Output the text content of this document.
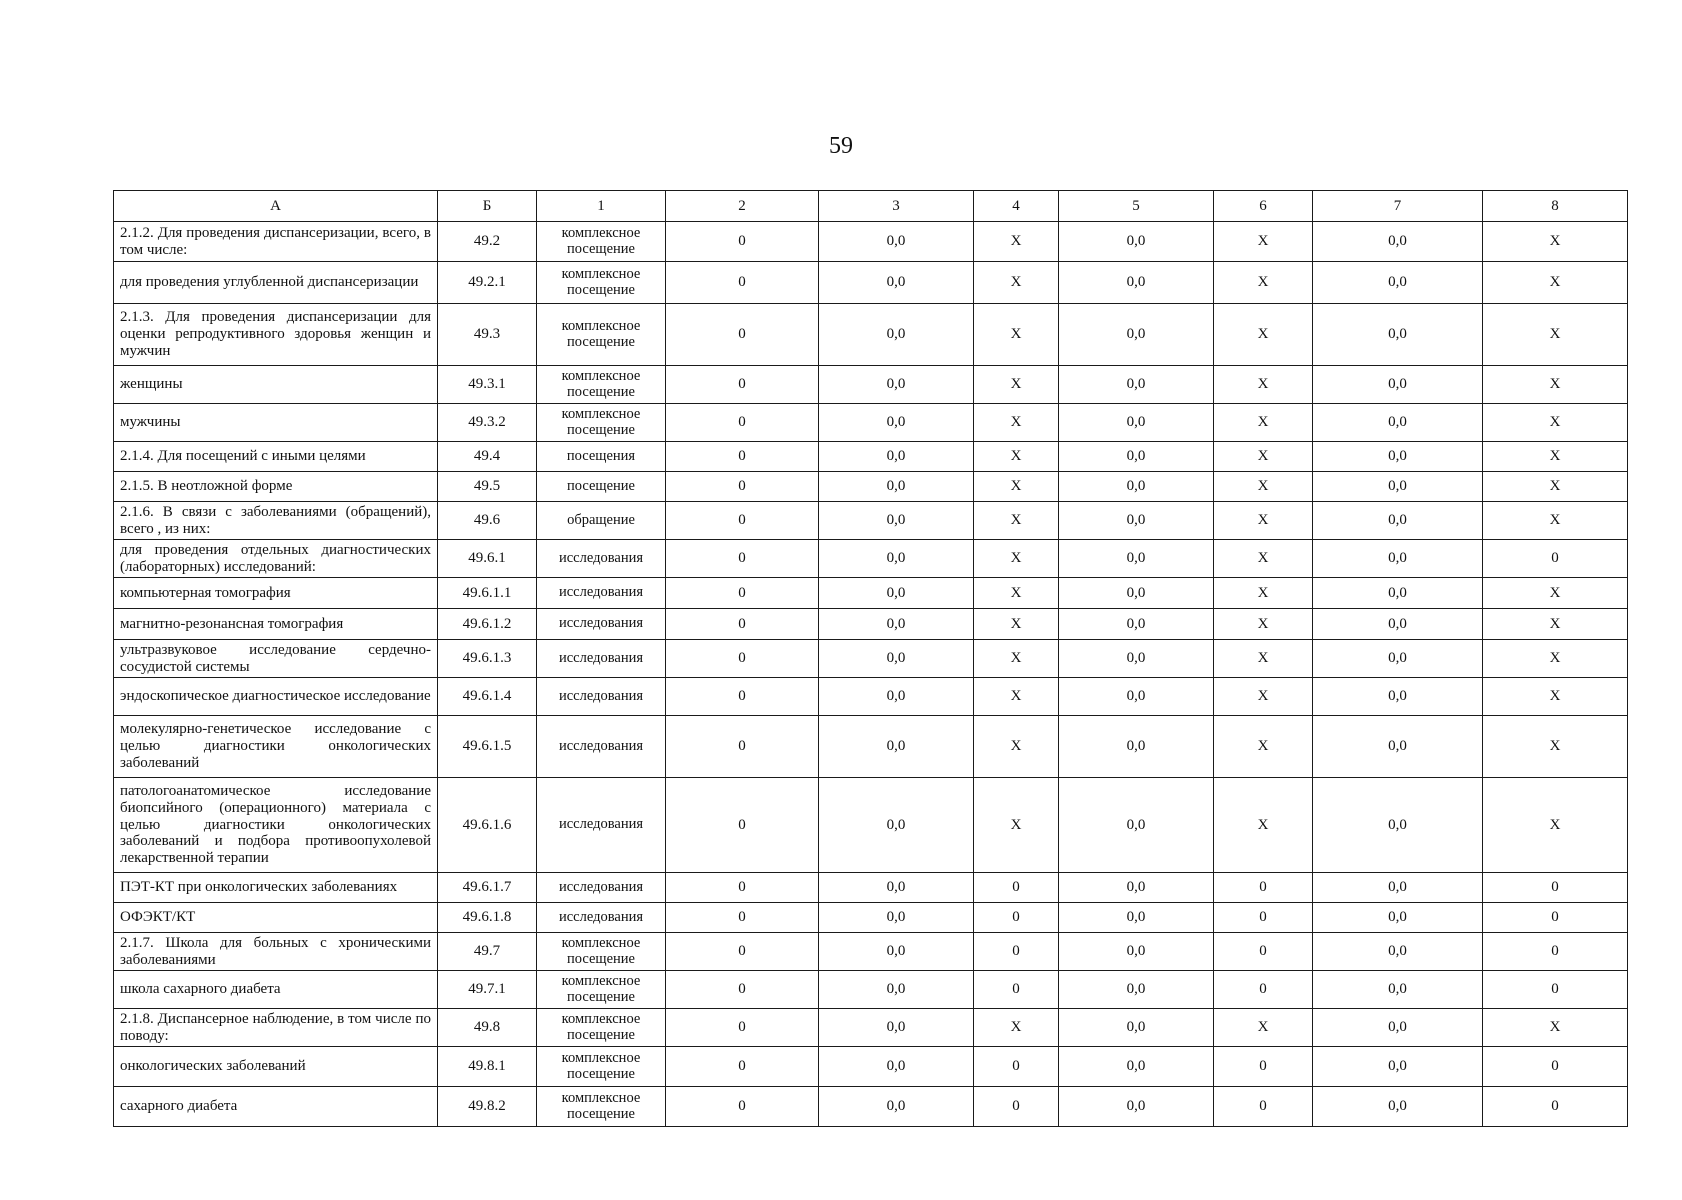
59
А	Б	1	2	3	4	5	6	7	8
2.1.2. Для проведения диспансеризации, всего, в том числе:	49.2	комплексное посещение	0	0,0	X	0,0	X	0,0	X
для проведения углубленной диспансеризации	49.2.1	комплексное посещение	0	0,0	X	0,0	X	0,0	X
2.1.3. Для проведения диспансеризации для оценки репродуктивного здоровья женщин и мужчин	49.3	комплексное посещение	0	0,0	X	0,0	X	0,0	X
женщины	49.3.1	комплексное посещение	0	0,0	X	0,0	X	0,0	X
мужчины	49.3.2	комплексное посещение	0	0,0	X	0,0	X	0,0	X
2.1.4. Для посещений с иными целями	49.4	посещения	0	0,0	X	0,0	X	0,0	X
2.1.5. В неотложной форме	49.5	посещение	0	0,0	X	0,0	X	0,0	X
2.1.6. В связи с заболеваниями (обращений), всего , из них:	49.6	обращение	0	0,0	X	0,0	X	0,0	X
для проведения отдельных диагностических (лабораторных) исследований:	49.6.1	исследования	0	0,0	X	0,0	X	0,0	0
компьютерная томография	49.6.1.1	исследования	0	0,0	X	0,0	X	0,0	X
магнитно-резонансная томография	49.6.1.2	исследования	0	0,0	X	0,0	X	0,0	X
ультразвуковое исследование сердечно-сосудистой системы	49.6.1.3	исследования	0	0,0	X	0,0	X	0,0	X
эндоскопическое диагностическое исследование	49.6.1.4	исследования	0	0,0	X	0,0	X	0,0	X
молекулярно-генетическое исследование с целью диагностики онкологических заболеваний	49.6.1.5	исследования	0	0,0	X	0,0	X	0,0	X
патологоанатомическое исследование биопсийного (операционного) материала с целью диагностики онкологических заболеваний и подбора противоопухолевой лекарственной терапии	49.6.1.6	исследования	0	0,0	X	0,0	X	0,0	X
ПЭТ-КТ при онкологических заболеваниях	49.6.1.7	исследования	0	0,0	0	0,0	0	0,0	0
ОФЭКТ/КТ	49.6.1.8	исследования	0	0,0	0	0,0	0	0,0	0
2.1.7. Школа для больных с хроническими заболеваниями	49.7	комплексное посещение	0	0,0	0	0,0	0	0,0	0
школа сахарного диабета	49.7.1	комплексное посещение	0	0,0	0	0,0	0	0,0	0
2.1.8. Диспансерное наблюдение, в том числе по поводу:	49.8	комплексное посещение	0	0,0	X	0,0	X	0,0	X
онкологических заболеваний	49.8.1	комплексное посещение	0	0,0	0	0,0	0	0,0	0
сахарного диабета	49.8.2	комплексное посещение	0	0,0	0	0,0	0	0,0	0
